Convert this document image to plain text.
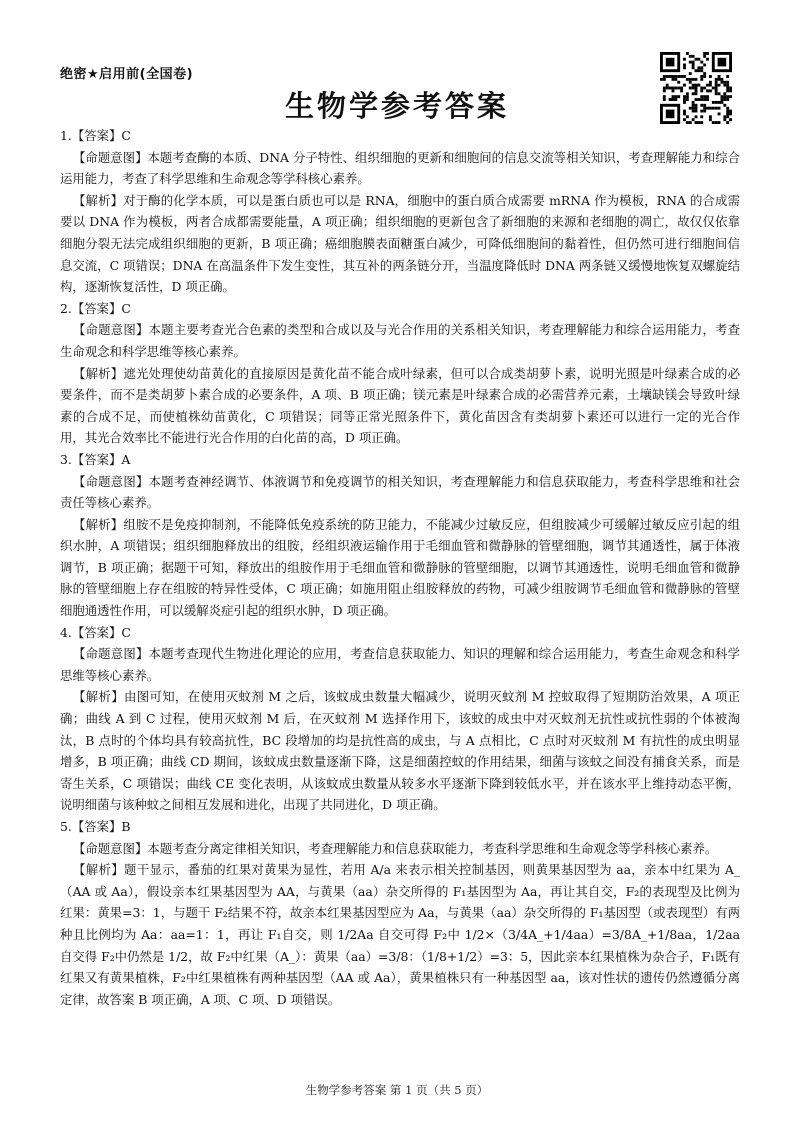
绝密★启用前(全国卷)
生物学参考答案

1.【答案】C

【命题意图】本题考查酶的本质、DNA 分子特性、组织细胞的更新和细胞间的信息交流等相关知识，考查理解能力和综合运用能力，考查了科学思维和生命观念等学科核心素养。

【解析】对于酶的化学本质，可以是蛋白质也可以是 RNA，细胞中的蛋白质合成需要 mRNA 作为模板，RNA 的合成需要以 DNA 作为模板，两者合成都需要能量，A 项正确；组织细胞的更新包含了新细胞的来源和老细胞的凋亡，故仅仅依靠细胞分裂无法完成组织细胞的更新，B 项正确；癌细胞膜表面糖蛋白减少，可降低细胞间的黏着性，但仍然可进行细胞间信息交流，C 项错误；DNA 在高温条件下发生变性，其互补的两条链分开，当温度降低时 DNA 两条链又缓慢地恢复双螺旋结构，逐渐恢复活性，D 项正确。

2.【答案】C

【命题意图】本题主要考查光合色素的类型和合成以及与光合作用的关系相关知识，考查理解能力和综合运用能力，考查生命观念和科学思维等核心素养。

【解析】遮光处理使幼苗黄化的直接原因是黄化苗不能合成叶绿素，但可以合成类胡萝卜素，说明光照是叶绿素合成的必要条件，而不是类胡萝卜素合成的必要条件，A 项、B 项正确；镁元素是叶绿素合成的必需营养元素，土壤缺镁会导致叶绿素的合成不足，而使植株幼苗黄化，C 项错误；同等正常光照条件下，黄化苗因含有类胡萝卜素还可以进行一定的光合作用，其光合效率比不能进行光合作用的白化苗的高，D 项正确。

3.【答案】A

【命题意图】本题考查神经调节、体液调节和免疫调节的相关知识，考查理解能力和信息获取能力，考查科学思维和社会责任等核心素养。

【解析】组胺不是免疫抑制剂，不能降低免疫系统的防卫能力，不能减少过敏反应，但组胺减少可缓解过敏反应引起的组织水肿，A 项错误；组织细胞释放出的组胺，经组织液运输作用于毛细血管和微静脉的管壁细胞，调节其通透性，属于体液调节，B 项正确；据题干可知，释放出的组胺作用于毛细血管和微静脉的管壁细胞，以调节其通透性，说明毛细血管和微静脉的管壁细胞上存在组胺的特异性受体，C 项正确；如施用阻止组胺释放的药物，可减少组胺调节毛细血管和微静脉的管壁细胞通透性作用，可以缓解炎症引起的组织水肿，D 项正确。

4.【答案】C

【命题意图】本题考查现代生物进化理论的应用，考查信息获取能力、知识的理解和综合运用能力，考查生命观念和科学思维等核心素养。

【解析】由图可知，在使用灭蚊剂 M 之后，该蚊成虫数量大幅减少，说明灭蚊剂 M 控蚊取得了短期防治效果，A 项正确；曲线 A 到 C 过程，使用灭蚊剂 M 后，在灭蚊剂 M 选择作用下，该蚊的成虫中对灭蚊剂无抗性或抗性弱的个体被淘汰，B 点时的个体均具有较高抗性，BC 段增加的均是抗性高的成虫，与 A 点相比，C 点时对灭蚊剂 M 有抗性的成虫明显增多，B 项正确；曲线 CD 期间，该蚊成虫数量逐渐下降，这是细菌控蚊的作用结果，细菌与该蚊之间没有捕食关系，而是寄生关系，C 项错误；曲线 CE 变化表明，从该蚊成虫数量从较多水平逐渐下降到较低水平，并在该水平上维持动态平衡，说明细菌与该种蚊之间相互发展和进化，出现了共同进化，D 项正确。

5.【答案】B

【命题意图】本题考查分离定律相关知识，考查理解能力和信息获取能力，考查科学思维和生命观念等学科核心素养。

【解析】题干显示，番茄的红果对黄果为显性，若用 A/a 来表示相关控制基因，则黄果基因型为 aa，亲本中红果为 A_（AA 或 Aa），假设亲本红果基因型为 AA，与黄果（aa）杂交所得的 F₁基因型为 Aa，再让其自交，F₂的表现型及比例为红果：黄果=3：1，与题干 F₂结果不符，故亲本红果基因型应为 Aa，与黄果（aa）杂交所得的 F₁基因型（或表现型）有两种且比例均为 Aa：aa=1：1，再让 F₁自交，则 1/2Aa 自交可得 F₂中 1/2×（3/4A_+1/4aa）=3/8A_+1/8aa，1/2aa 自交得 F₂中仍然是 1/2，故 F₂中红果（A_）：黄果（aa）=3/8：（1/8+1/2）=3：5，因此亲本红果植株为杂合子，F₁既有红果又有黄果植株，F₂中红果植株有两种基因型（AA 或 Aa），黄果植株只有一种基因型 aa，该对性状的遗传仍然遵循分离定律，故答案 B 项正确，A 项、C 项、D 项错误。

生物学参考答案 第 1 页（共 5 页）
